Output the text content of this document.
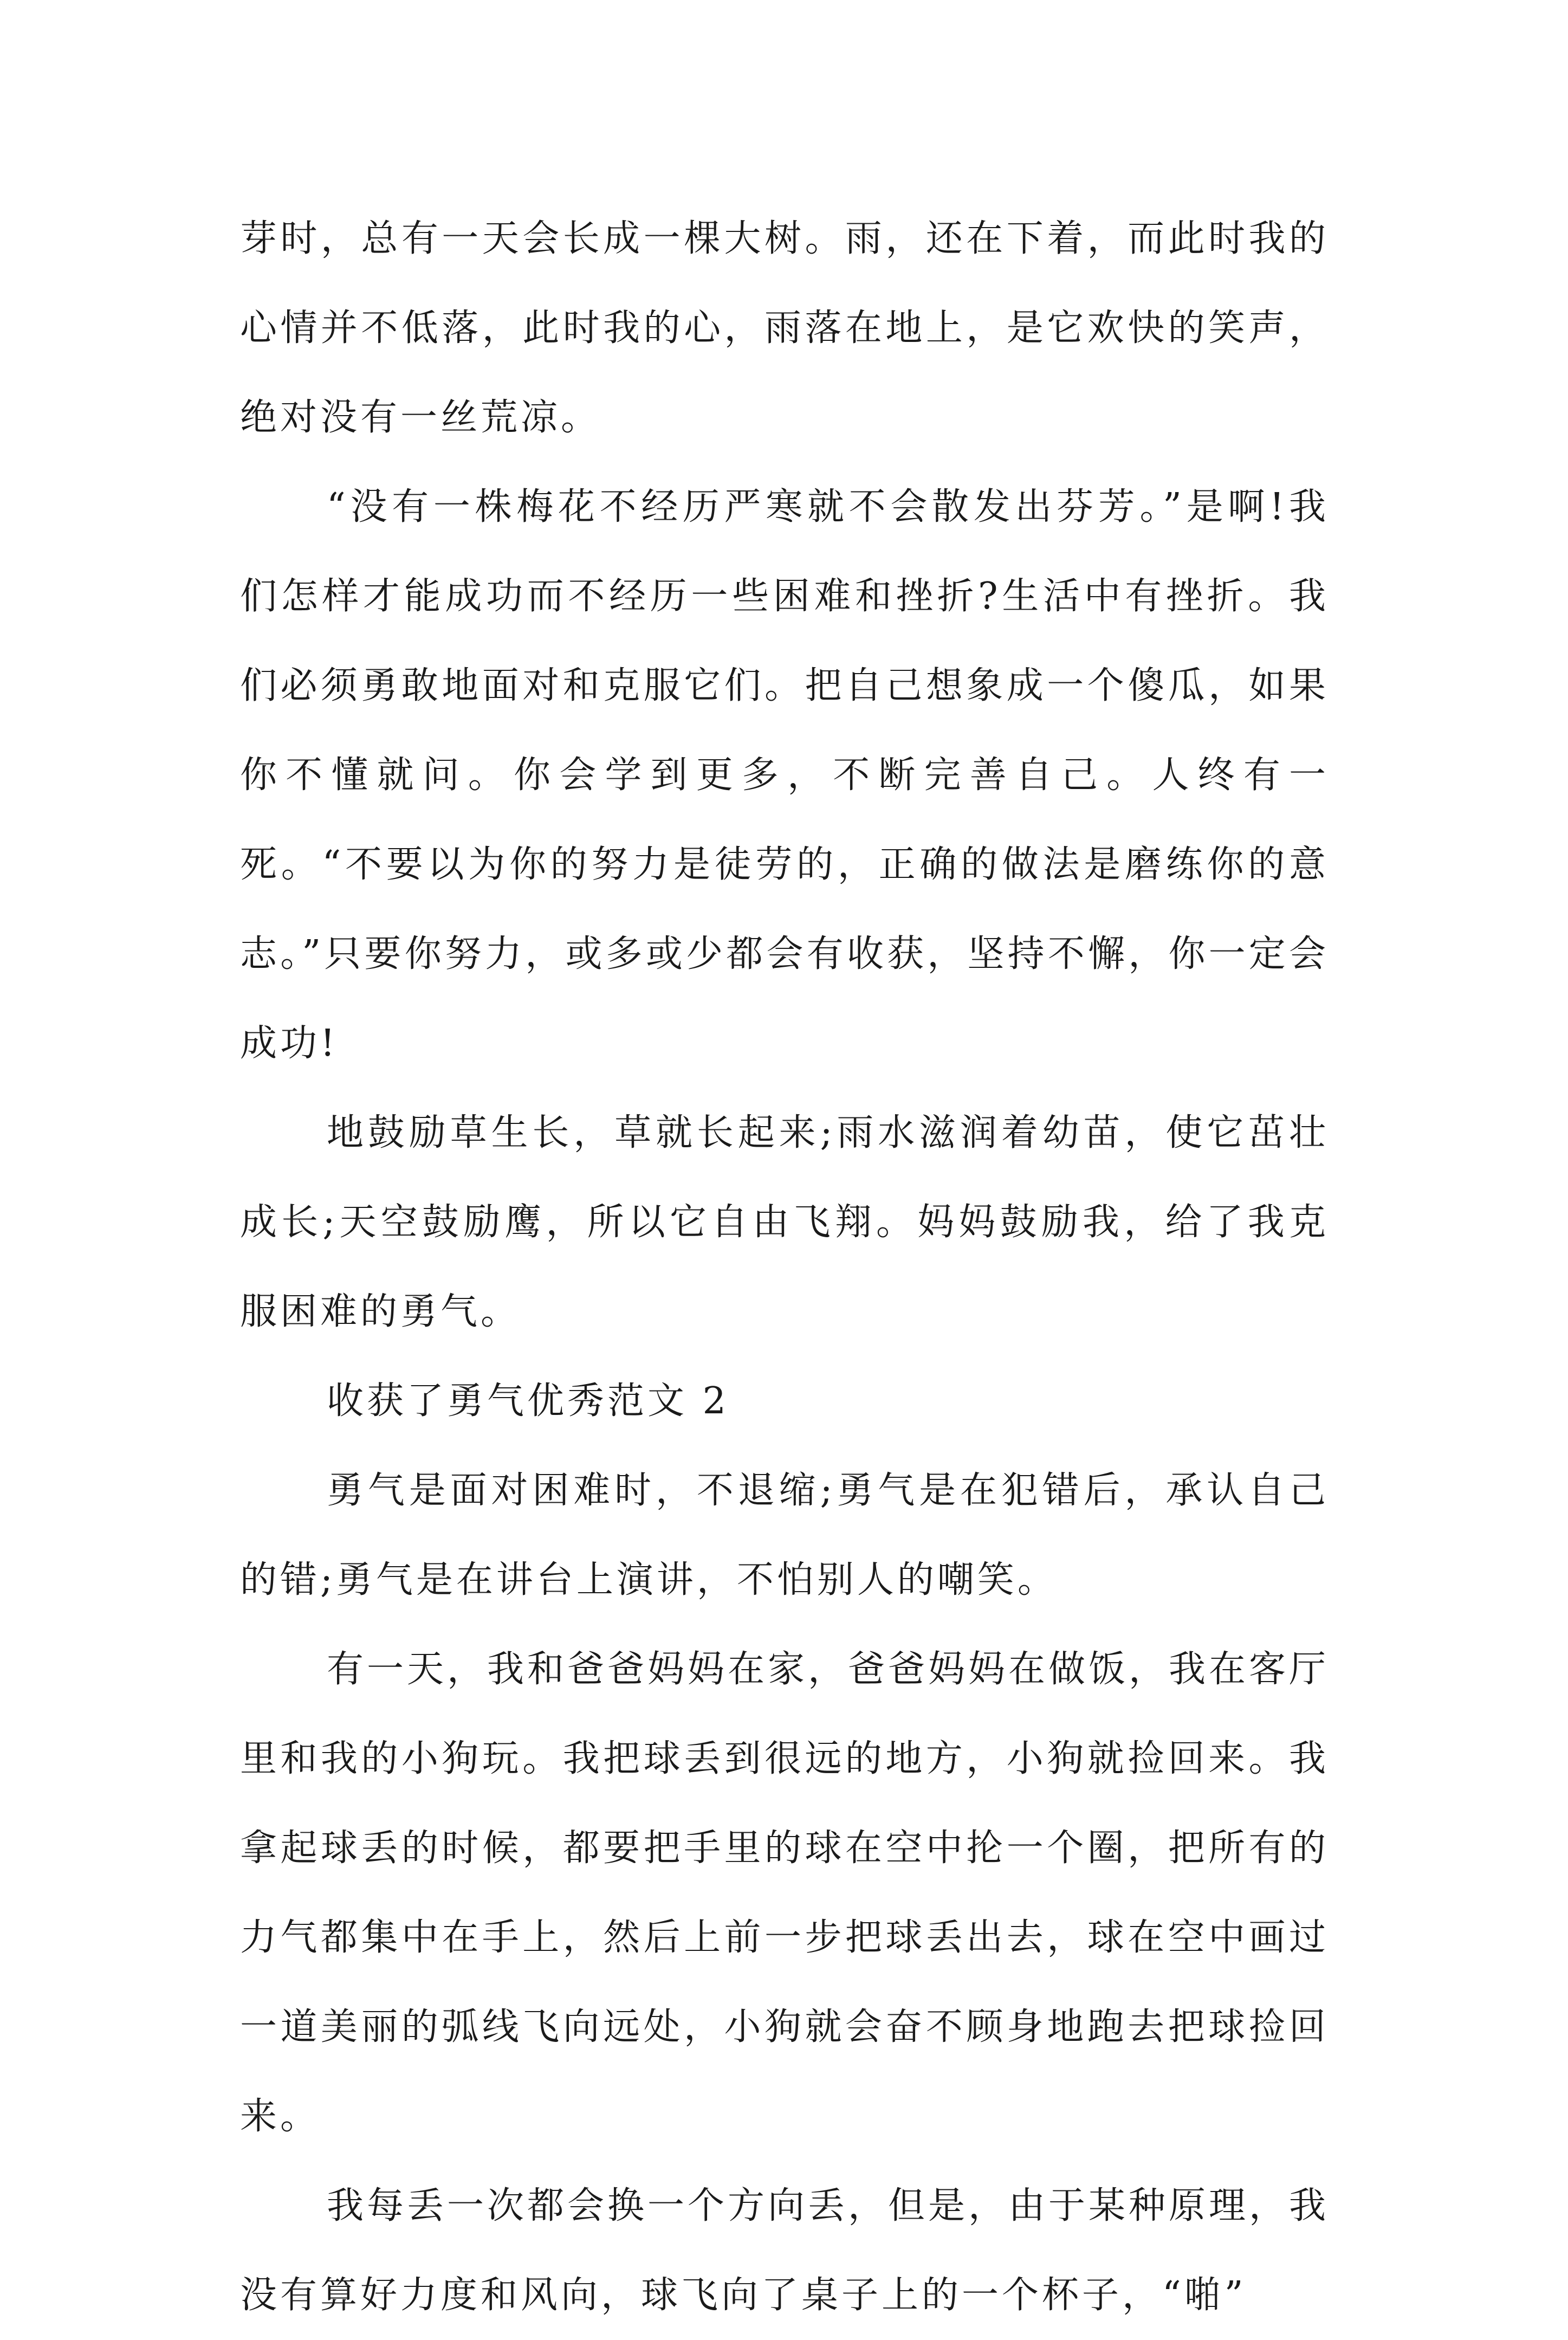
芽时，总有一天会长成一棵大树。雨，还在下着，而此时我的心情并不低落，此时我的心，雨落在地上，是它欢快的笑声，绝对没有一丝荒凉。

“没有一株梅花不经历严寒就不会散发出芬芳。”是啊!我们怎样才能成功而不经历一些困难和挫折?生活中有挫折。我们必须勇敢地面对和克服它们。把自己想象成一个傻瓜，如果你不懂就问。你会学到更多，不断完善自己。人终有一死。“不要以为你的努力是徒劳的，正确的做法是磨练你的意志。”只要你努力，或多或少都会有收获，坚持不懈，你一定会成功!

地鼓励草生长，草就长起来;雨水滋润着幼苗，使它茁壮成长;天空鼓励鹰，所以它自由飞翔。妈妈鼓励我，给了我克服困难的勇气。

收获了勇气优秀范文 2

勇气是面对困难时，不退缩;勇气是在犯错后，承认自己的错;勇气是在讲台上演讲，不怕别人的嘲笑。

有一天，我和爸爸妈妈在家，爸爸妈妈在做饭，我在客厅里和我的小狗玩。我把球丢到很远的地方，小狗就捡回来。我拿起球丢的时候，都要把手里的球在空中抡一个圈，把所有的力气都集中在手上，然后上前一步把球丢出去，球在空中画过一道美丽的弧线飞向远处，小狗就会奋不顾身地跑去把球捡回来。

我每丢一次都会换一个方向丢，但是，由于某种原理，我没有算好力度和风向，球飞向了桌子上的一个杯子，“啪”
